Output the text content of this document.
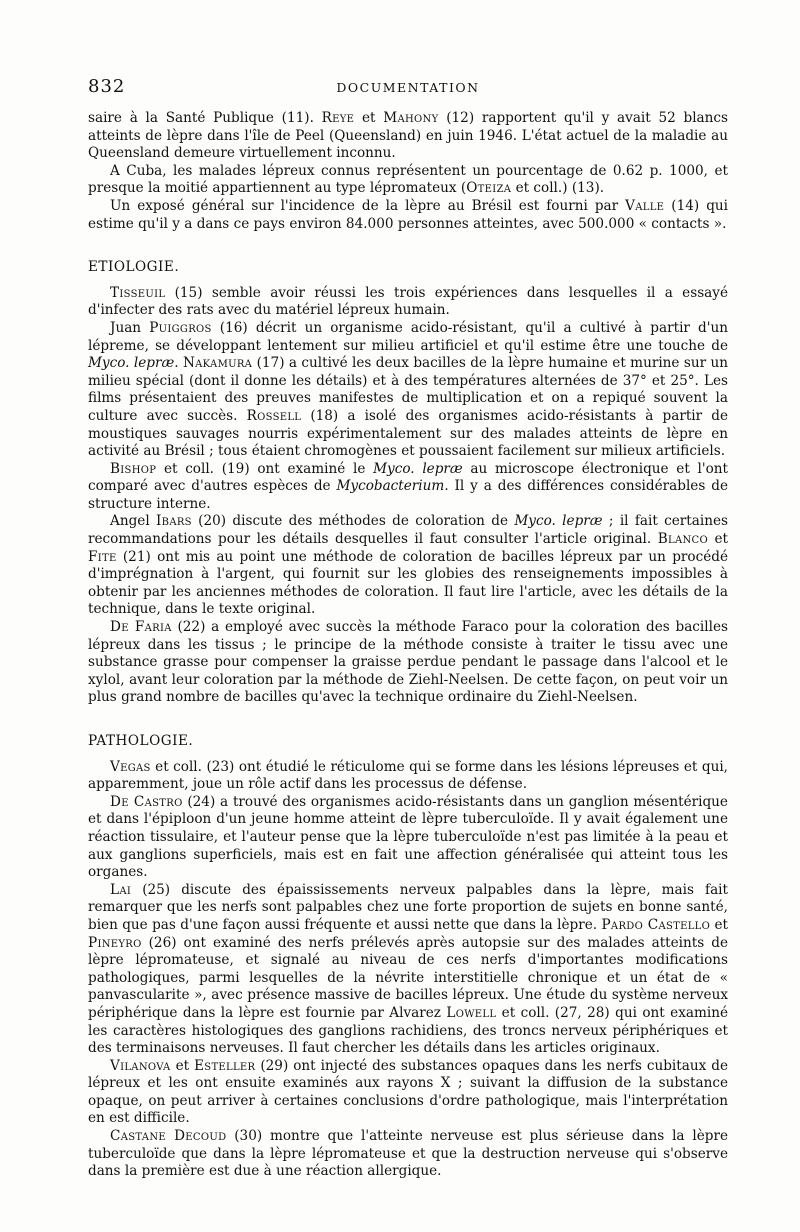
832	DOCUMENTATION

saire à la Santé Publique (11). Reye et Mahony (12) rapportent qu'il y avait 52 blancs atteints de lèpre dans l'île de Peel (Queensland) en juin 1946. L'état actuel de la maladie au Queensland demeure virtuellement inconnu.

A Cuba, les malades lépreux connus représentent un pourcentage de 0.62 p. 1000, et presque la moitié appartiennent au type lépromateux (Oteiza et coll.) (13).

Un exposé général sur l'incidence de la lèpre au Brésil est fourni par Valle (14) qui estime qu'il y a dans ce pays environ 84.000 personnes atteintes, avec 500.000 « contacts ».

ETIOLOGIE.

Tisseuil (15) semble avoir réussi les trois expériences dans lesquelles il a essayé d'infecter des rats avec du matériel lépreux humain.

Juan Puiggros (16) décrit un organisme acido-résistant, qu'il a cultivé à partir d'un lépreme, se développant lentement sur milieu artificiel et qu'il estime être une touche de Myco. lepræ. Nakamura (17) a cultivé les deux bacilles de la lèpre humaine et murine sur un milieu spécial (dont il donne les détails) et à des températures alternées de 37° et 25°. Les films présentaient des preuves manifestes de multiplication et on a repiqué souvent la culture avec succès. Rossell (18) a isolé des organismes acido-résistants à partir de moustiques sauvages nourris expérimentalement sur des malades atteints de lèpre en activité au Brésil ; tous étaient chromogènes et poussaient facilement sur milieux artificiels.

Bishop et coll. (19) ont examiné le Myco. lepræ au microscope électronique et l'ont comparé avec d'autres espèces de Mycobacterium. Il y a des différences considérables de structure interne.

Angel Ibars (20) discute des méthodes de coloration de Myco. lepræ ; il fait certaines recommandations pour les détails desquelles il faut consulter l'article original. Blanco et Fite (21) ont mis au point une méthode de coloration de bacilles lépreux par un procédé d'imprégnation à l'argent, qui fournit sur les globies des renseignements impossibles à obtenir par les anciennes méthodes de coloration. Il faut lire l'article, avec les détails de la technique, dans le texte original.

De Faria (22) a employé avec succès la méthode Faraco pour la coloration des bacilles lépreux dans les tissus ; le principe de la méthode consiste à traiter le tissu avec une substance grasse pour compenser la graisse perdue pendant le passage dans l'alcool et le xylol, avant leur coloration par la méthode de Ziehl-Neelsen. De cette façon, on peut voir un plus grand nombre de bacilles qu'avec la technique ordinaire du Ziehl-Neelsen.

PATHOLOGIE.

Vegas et coll. (23) ont étudié le réticulome qui se forme dans les lésions lépreuses et qui, apparemment, joue un rôle actif dans les processus de défense.

De Castro (24) a trouvé des organismes acido-résistants dans un ganglion mésentérique et dans l'épiploon d'un jeune homme atteint de lèpre tuberculoïde. Il y avait également une réaction tissulaire, et l'auteur pense que la lèpre tuberculoïde n'est pas limitée à la peau et aux ganglions superficiels, mais est en fait une affection généralisée qui atteint tous les organes.

Lai (25) discute des épaississements nerveux palpables dans la lèpre, mais fait remarquer que les nerfs sont palpables chez une forte proportion de sujets en bonne santé, bien que pas d'une façon aussi fréquente et aussi nette que dans la lèpre. Pardo Castello et Pineyro (26) ont examiné des nerfs prélevés après autopsie sur des malades atteints de lèpre lépromateuse, et signalé au niveau de ces nerfs d'importantes modifications pathologiques, parmi lesquelles de la névrite interstitielle chronique et un état de « panvascularite », avec présence massive de bacilles lépreux. Une étude du système nerveux périphérique dans la lèpre est fournie par Alvarez Lowell et coll. (27, 28) qui ont examiné les caractères histologiques des ganglions rachidiens, des troncs nerveux périphériques et des terminaisons nerveuses. Il faut chercher les détails dans les articles originaux.

Vilanova et Esteller (29) ont injecté des substances opaques dans les nerfs cubitaux de lépreux et les ont ensuite examinés aux rayons X ; suivant la diffusion de la substance opaque, on peut arriver à certaines conclusions d'ordre pathologique, mais l'interprétation en est difficile.

Castane Decoud (30) montre que l'atteinte nerveuse est plus sérieuse dans la lèpre tuberculoïde que dans la lèpre lépromateuse et que la destruction nerveuse qui s'observe dans la première est due à une réaction allergique.
